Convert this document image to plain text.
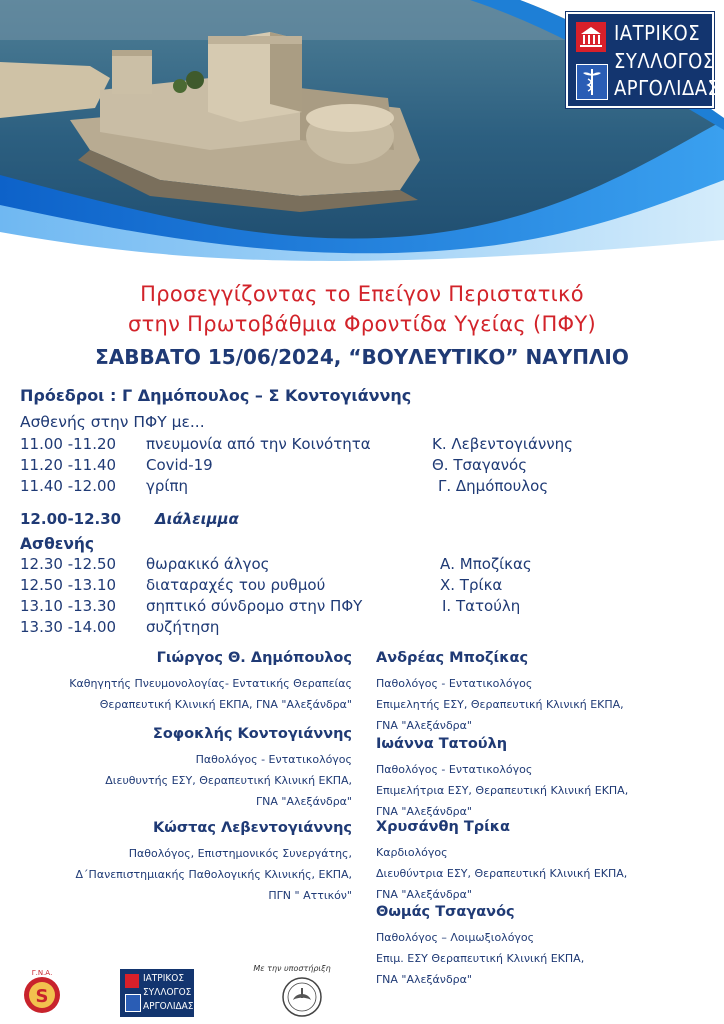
ΙΑΤΡΙΚΟΣ
ΣΥΛΛΟΓΟΣ
ΑΡΓΟΛΙΔΑΣ
Προσεγγίζοντας το Επείγον Περιστατικό
στην Πρωτοβάθμια Φροντίδα Υγείας (ΠΦΥ)
ΣΑΒΒΑΤΟ 15/06/2024, “ΒΟΥΛΕΥΤΙΚΟ” ΝΑΥΠΛΙΟ
Πρόεδροι : Γ Δημόπουλος – Σ Κοντογιάννης
Ασθενής στην ΠΦΥ με...
11.00 -11.20 πνευμονία από την Κοινότητα	Κ. Λεβεντογιάννης
11.20 -11.40 Covid-19	Θ. Τσαγανός
11.40 -12.00 γρίπη	Γ. Δημόπουλος
12.00-12.30 Διάλειμμα
Ασθενής
12.30 -12.50 θωρακικό άλγος	Α. Μποζίκας
12.50 -13.10 διαταραχές του ρυθμού	Χ. Τρίκα
13.10 -13.30 σηπτικό σύνδρομο στην ΠΦΥ	Ι. Τατούλη
13.30 -14.00 συζήτηση
Γιώργος Θ. Δημόπουλος
Καθηγητής Πνευμονολογίας- Εντατικής Θεραπείας
Θεραπευτική Κλινική ΕΚΠΑ, ΓΝΑ "Αλεξάνδρα"
Σοφοκλής Κοντογιάννης
Παθολόγος - Εντατικολόγος
Διευθυντής ΕΣΥ, Θεραπευτική Κλινική ΕΚΠΑ,
ΓΝΑ "Αλεξάνδρα"
Κώστας Λεβεντογιάννης
Παθολόγος, Επιστημονικός Συνεργάτης,
Δ΄Πανεπιστημιακής Παθολογικής Κλινικής, ΕΚΠΑ,
ΠΓΝ " Αττικόν"
Ανδρέας Μποζίκας
Παθολόγος - Εντατικολόγος
Επιμελητής ΕΣΥ, Θεραπευτική Κλινική ΕΚΠΑ,
ΓΝΑ "Αλεξάνδρα"
Ιωάννα Τατούλη
Παθολόγος - Εντατικολόγος
Επιμελήτρια ΕΣΥ, Θεραπευτική Κλινική ΕΚΠΑ,
ΓΝΑ "Αλεξάνδρα"
Χρυσάνθη Τρίκα
Καρδιολόγος
Διευθύντρια ΕΣΥ, Θεραπευτική Κλινική ΕΚΠΑ,
ΓΝΑ "Αλεξάνδρα"
Θωμάς Τσαγανός
Παθολόγος – Λοιμωξιολόγος
Επιμ. ΕΣΥ Θεραπευτική Κλινική ΕΚΠΑ,
ΓΝΑ "Αλεξάνδρα"
S
Γ.Ν.Α.	ΙΑΤΡΙΚΟΣ
ΣΥΛΛΟΓΟΣ
ΑΡΓΟΛΙΔΑΣ
Με την υποστήριξη
